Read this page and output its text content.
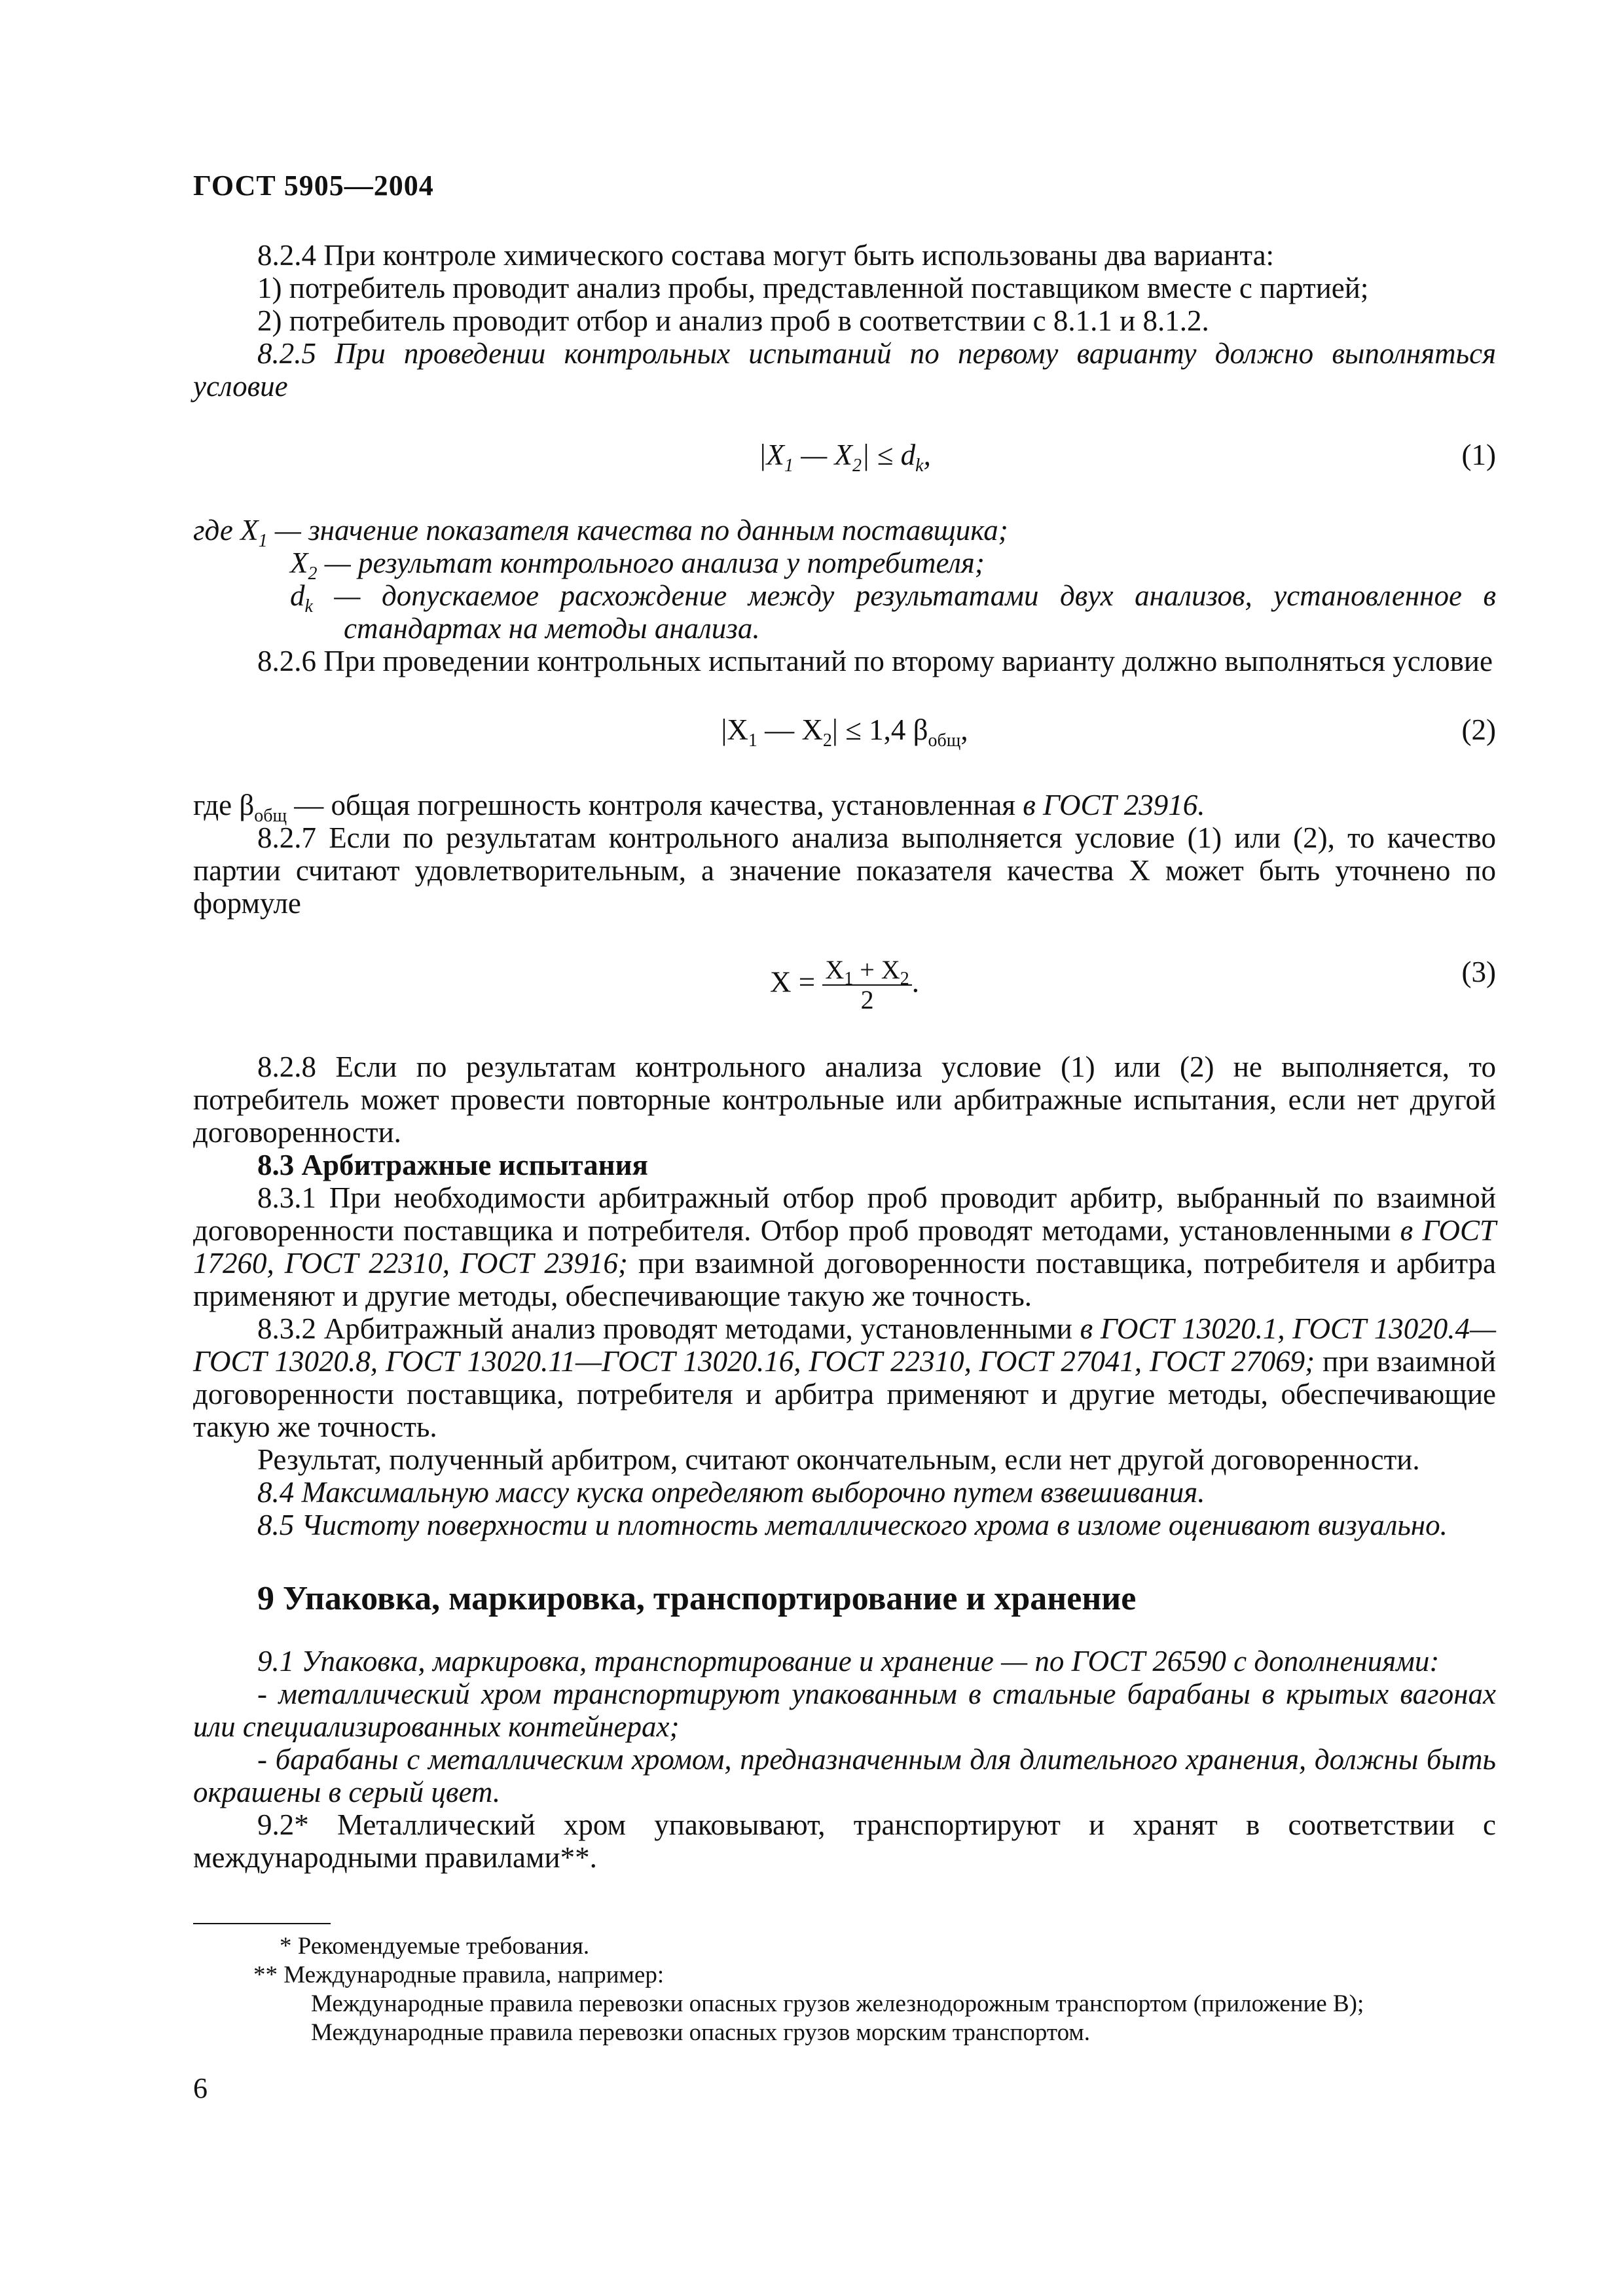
ГОСТ 5905—2004

8.2.4 При контроле химического состава могут быть использованы два варианта:

1) потребитель проводит анализ пробы, представленной поставщиком вместе с партией;

2) потребитель проводит отбор и анализ проб в соответствии с 8.1.1 и 8.1.2.

8.2.5 При проведении контрольных испытаний по первому варианту должно выполняться условие

$|X_1$ — $X_2| \le d_k$,	(1)

где $X_1$ — значение показателя качества по данным поставщика;

$X_2$ — результат контрольного анализа у потребителя;

$d_k$ — допускаемое расхождение между результатами двух анализов, установленное в стандартах на методы анализа.

8.2.6 При проведении контрольных испытаний по второму варианту должно выполняться условие

$|X_1$ — $X_2| \le 1,4$ $\beta_{общ}$,	(2)

где $\beta_{общ}$ — общая погрешность контроля качества, установленная в ГОСТ 23916.

8.2.7 Если по результатам контрольного анализа выполняется условие (1) или (2), то качество партии считают удовлетворительным, а значение показателя качества X может быть уточнено по формуле

$X = \frac{X_1 + X_2}{2}$ .	(3)

8.2.8 Если по результатам контрольного анализа условие (1) или (2) не выполняется, то потребитель может провести повторные контрольные или арбитражные испытания, если нет другой договоренности.

8.3 Арбитражные испытания

8.3.1 При необходимости арбитражный отбор проб проводит арбитр, выбранный по взаимной договоренности поставщика и потребителя. Отбор проб проводят методами, установленными в ГОСТ 17260, ГОСТ 22310, ГОСТ 23916; при взаимной договоренности поставщика, потребителя и арбитра применяют и другие методы, обеспечивающие такую же точность.

8.3.2 Арбитражный анализ проводят методами, установленными в ГОСТ 13020.1, ГОСТ 13020.4—ГОСТ 13020.8, ГОСТ 13020.11—ГОСТ 13020.16, ГОСТ 22310, ГОСТ 27041, ГОСТ 27069; при взаимной договоренности поставщика, потребителя и арбитра применяют и другие методы, обеспечивающие такую же точность.

Результат, полученный арбитром, считают окончательным, если нет другой договоренности.

8.4 Максимальную массу куска определяют выборочно путем взвешивания.

8.5 Чистоту поверхности и плотность металлического хрома в изломе оценивают визуально.

9 Упаковка, маркировка, транспортирование и хранение

9.1 Упаковка, маркировка, транспортирование и хранение — по ГОСТ 26590 с дополнениями:

- металлический хром транспортируют упакованным в стальные барабаны в крытых вагонах или специализированных контейнерах;

- барабаны с металлическим хромом, предназначенным для длительного хранения, должны быть окрашены в серый цвет.

9.2* Металлический хром упаковывают, транспортируют и хранят в соответствии с международными правилами**.

* Рекомендуемые требования.

** Международные правила, например:

Международные правила перевозки опасных грузов железнодорожным транспортом (приложение В);

Международные правила перевозки опасных грузов морским транспортом.

6
